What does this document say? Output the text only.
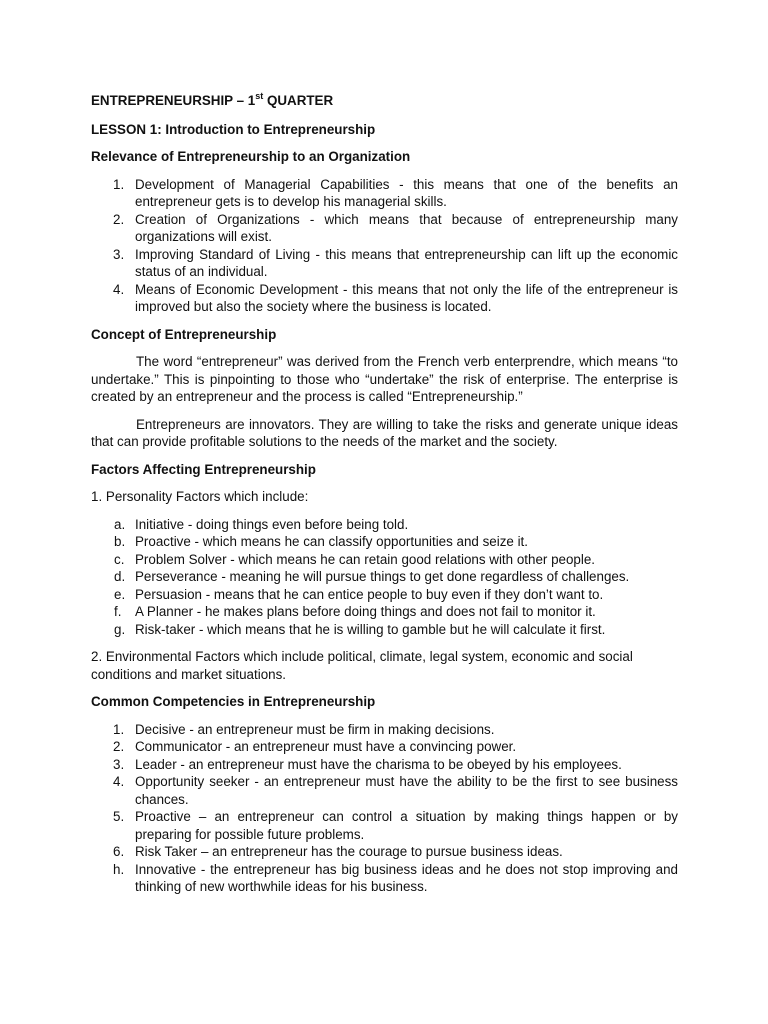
ENTREPRENEURSHIP – 1st QUARTER
LESSON 1: Introduction to Entrepreneurship
Relevance of Entrepreneurship to an Organization
1. Development of Managerial Capabilities - this means that one of the benefits an entrepreneur gets is to develop his managerial skills.
2. Creation of Organizations - which means that because of entrepreneurship many organizations will exist.
3. Improving Standard of Living - this means that entrepreneurship can lift up the economic status of an individual.
4. Means of Economic Development - this means that not only the life of the entrepreneur is improved but also the society where the business is located.
Concept of Entrepreneurship

The word “entrepreneur” was derived from the French verb enterprendre, which means “to undertake.” This is pinpointing to those who “undertake” the risk of enterprise. The enterprise is created by an entrepreneur and the process is called “Entrepreneurship.”

Entrepreneurs are innovators. They are willing to take the risks and generate unique ideas that can provide profitable solutions to the needs of the market and the society.

Factors Affecting Entrepreneurship

1. Personality Factors which include:

a. Initiative - doing things even before being told.
b. Proactive - which means he can classify opportunities and seize it.
c. Problem Solver - which means he can retain good relations with other people.
d. Perseverance - meaning he will pursue things to get done regardless of challenges.
e. Persuasion - means that he can entice people to buy even if they don’t want to.
f. A Planner - he makes plans before doing things and does not fail to monitor it.
g. Risk-taker - which means that he is willing to gamble but he will calculate it first.

2. Environmental Factors which include political, climate, legal system, economic and social conditions and market situations.

Common Competencies in Entrepreneurship
1. Decisive - an entrepreneur must be firm in making decisions.
2. Communicator - an entrepreneur must have a convincing power.
3. Leader - an entrepreneur must have the charisma to be obeyed by his employees.
4. Opportunity seeker - an entrepreneur must have the ability to be the first to see business chances.
5. Proactive – an entrepreneur can control a situation by making things happen or by preparing for possible future problems.
6. Risk Taker – an entrepreneur has the courage to pursue business ideas.
h. Innovative - the entrepreneur has big business ideas and he does not stop improving and thinking of new worthwhile ideas for his business.
